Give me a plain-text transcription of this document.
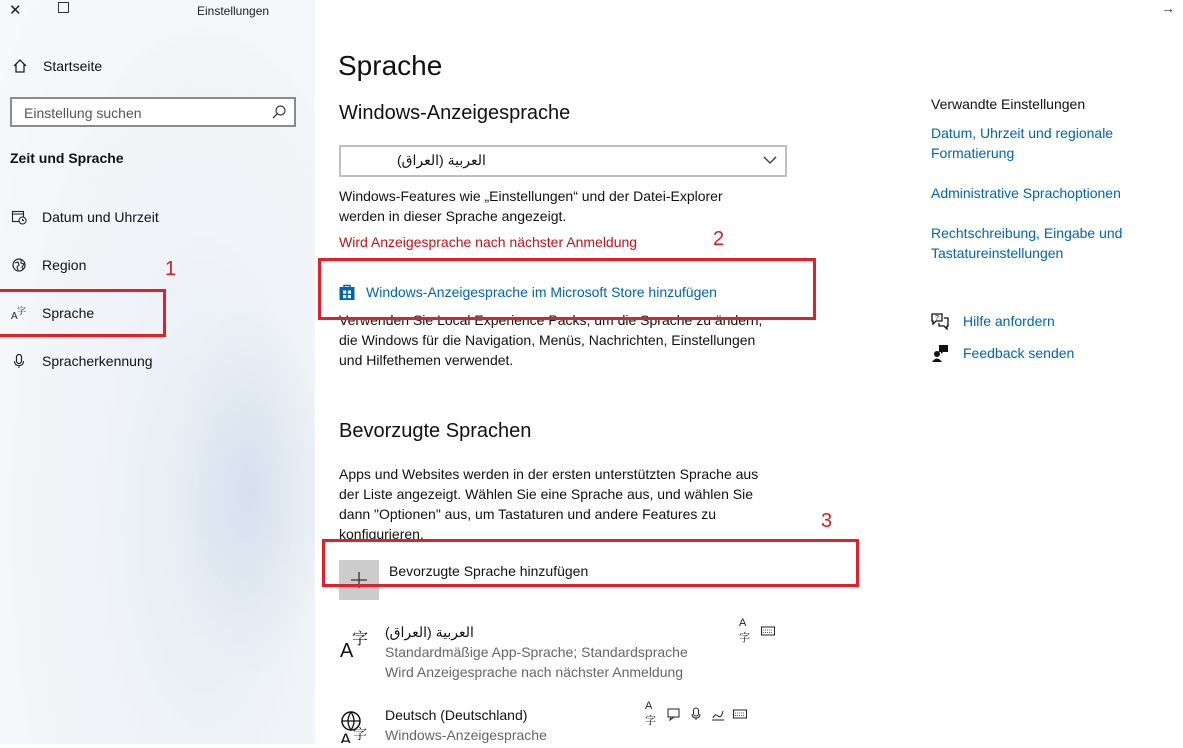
✕	Einstellungen
Startseite
Einstellung suchen
Zeit und Sprache
Datum und Uhrzeit
Region
A 字 Sprache
Spracherkennung
1
Sprache
Windows-Anzeigesprache
العربية (العراق)
Windows-Features wie „Einstellungen“ und der Datei-Explorer
werden in dieser Sprache angezeigt.
Wird Anzeigesprache nach nächster Anmeldung
Windows-Anzeigesprache im Microsoft Store hinzufügen
Verwenden Sie Local Experience Packs, um die Sprache zu ändern,
die Windows für die Navigation, Menüs, Nachrichten, Einstellungen
und Hilfethemen verwendet.
2
Bevorzugte Sprachen
Apps und Websites werden in der ersten unterstützten Sprache aus
der Liste angezeigt. Wählen Sie eine Sprache aus, und wählen Sie
dann "Optionen" aus, um Tastaturen und andere Features zu
konfigurieren.
Bevorzugte Sprache hinzufügen
3
A
字 العربية (العراق)
Standardmäßige App-Sprache; Standardsprache
Wird Anzeigesprache nach nächster Anmeldung
A字
A 字
Deutsch (Deutschland)
Windows-Anzeigesprache
A字
→
Verwandte Einstellungen
Datum, Uhrzeit und regionale
Formatierung
Administrative Sprachoptionen
Rechtschreibung, Eingabe und
Tastatureinstellungen
? Hilfe anfordern
Feedback senden
